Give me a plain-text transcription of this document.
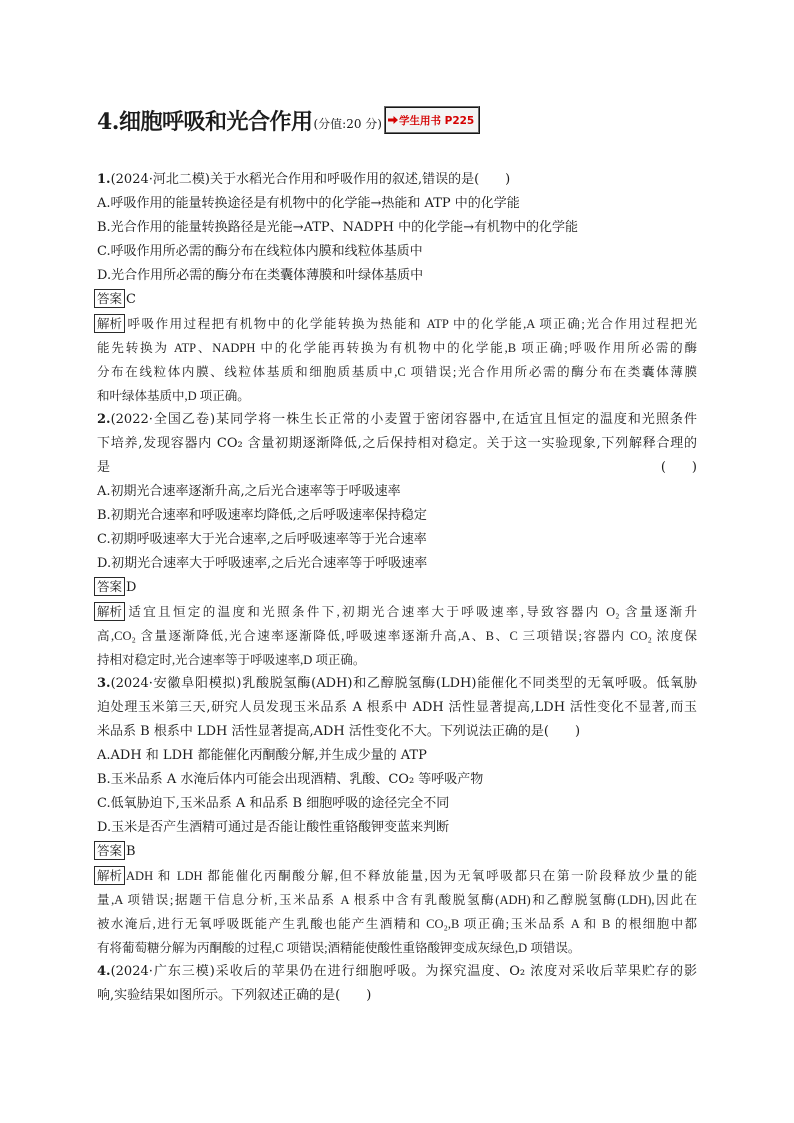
4.细胞呼吸和光合作用 (分值:20 分) 学生用书 P225
1.(2024·河北二模)关于水稻光合作用和呼吸作用的叙述,错误的是(　　)
A.呼吸作用的能量转换途径是有机物中的化学能→热能和 ATP 中的化学能
B.光合作用的能量转换路径是光能→ATP、NADPH 中的化学能→有机物中的化学能
C.呼吸作用所必需的酶分布在线粒体内膜和线粒体基质中
D.光合作用所必需的酶分布在类囊体薄膜和叶绿体基质中
答案 C
解析 呼吸作用过程把有机物中的化学能转换为热能和 ATP 中的化学能,A 项正确;光合作用过程把光
能先转换为 ATP、NADPH 中的化学能再转换为有机物中的化学能,B 项正确;呼吸作用所必需的酶
分布在线粒体内膜、线粒体基质和细胞质基质中,C 项错误;光合作用所必需的酶分布在类囊体薄膜
和叶绿体基质中,D 项正确。
2.(2022·全国乙卷)某同学将一株生长正常的小麦置于密闭容器中,在适宜且恒定的温度和光照条件
下培养,发现容器内 CO₂ 含量初期逐渐降低,之后保持相对稳定。关于这一实验现象,下列解释合理的
是	(　　)
A.初期光合速率逐渐升高,之后光合速率等于呼吸速率
B.初期光合速率和呼吸速率均降低,之后呼吸速率保持稳定
C.初期呼吸速率大于光合速率,之后呼吸速率等于光合速率
D.初期光合速率大于呼吸速率,之后光合速率等于呼吸速率
答案 D
解析 适宜且恒定的温度和光照条件下,初期光合速率大于呼吸速率,导致容器内 O₂ 含量逐渐升
高,CO₂ 含量逐渐降低,光合速率逐渐降低,呼吸速率逐渐升高,A、B、C 三项错误;容器内 CO₂ 浓度保
持相对稳定时,光合速率等于呼吸速率,D 项正确。
3.(2024·安徽阜阳模拟)乳酸脱氢酶(ADH)和乙醇脱氢酶(LDH)能催化不同类型的无氧呼吸。低氧胁
迫处理玉米第三天,研究人员发现玉米品系 A 根系中 ADH 活性显著提高,LDH 活性变化不显著,而玉
米品系 B 根系中 LDH 活性显著提高,ADH 活性变化不大。下列说法正确的是(　　)
A.ADH 和 LDH 都能催化丙酮酸分解,并生成少量的 ATP
B.玉米品系 A 水淹后体内可能会出现酒精、乳酸、CO₂ 等呼吸产物
C.低氧胁迫下,玉米品系 A 和品系 B 细胞呼吸的途径完全不同
D.玉米是否产生酒精可通过是否能让酸性重铬酸钾变蓝来判断
答案 B
解析 ADH 和 LDH 都能催化丙酮酸分解,但不释放能量,因为无氧呼吸都只在第一阶段释放少量的能
量,A 项错误;据题干信息分析,玉米品系 A 根系中含有乳酸脱氢酶(ADH)和乙醇脱氢酶(LDH),因此在
被水淹后,进行无氧呼吸既能产生乳酸也能产生酒精和 CO₂,B 项正确;玉米品系 A 和 B 的根细胞中都
有将葡萄糖分解为丙酮酸的过程,C 项错误;酒精能使酸性重铬酸钾变成灰绿色,D 项错误。
4.(2024·广东三模)采收后的苹果仍在进行细胞呼吸。为探究温度、O₂ 浓度对采收后苹果贮存的影
响,实验结果如图所示。下列叙述正确的是(　　)
